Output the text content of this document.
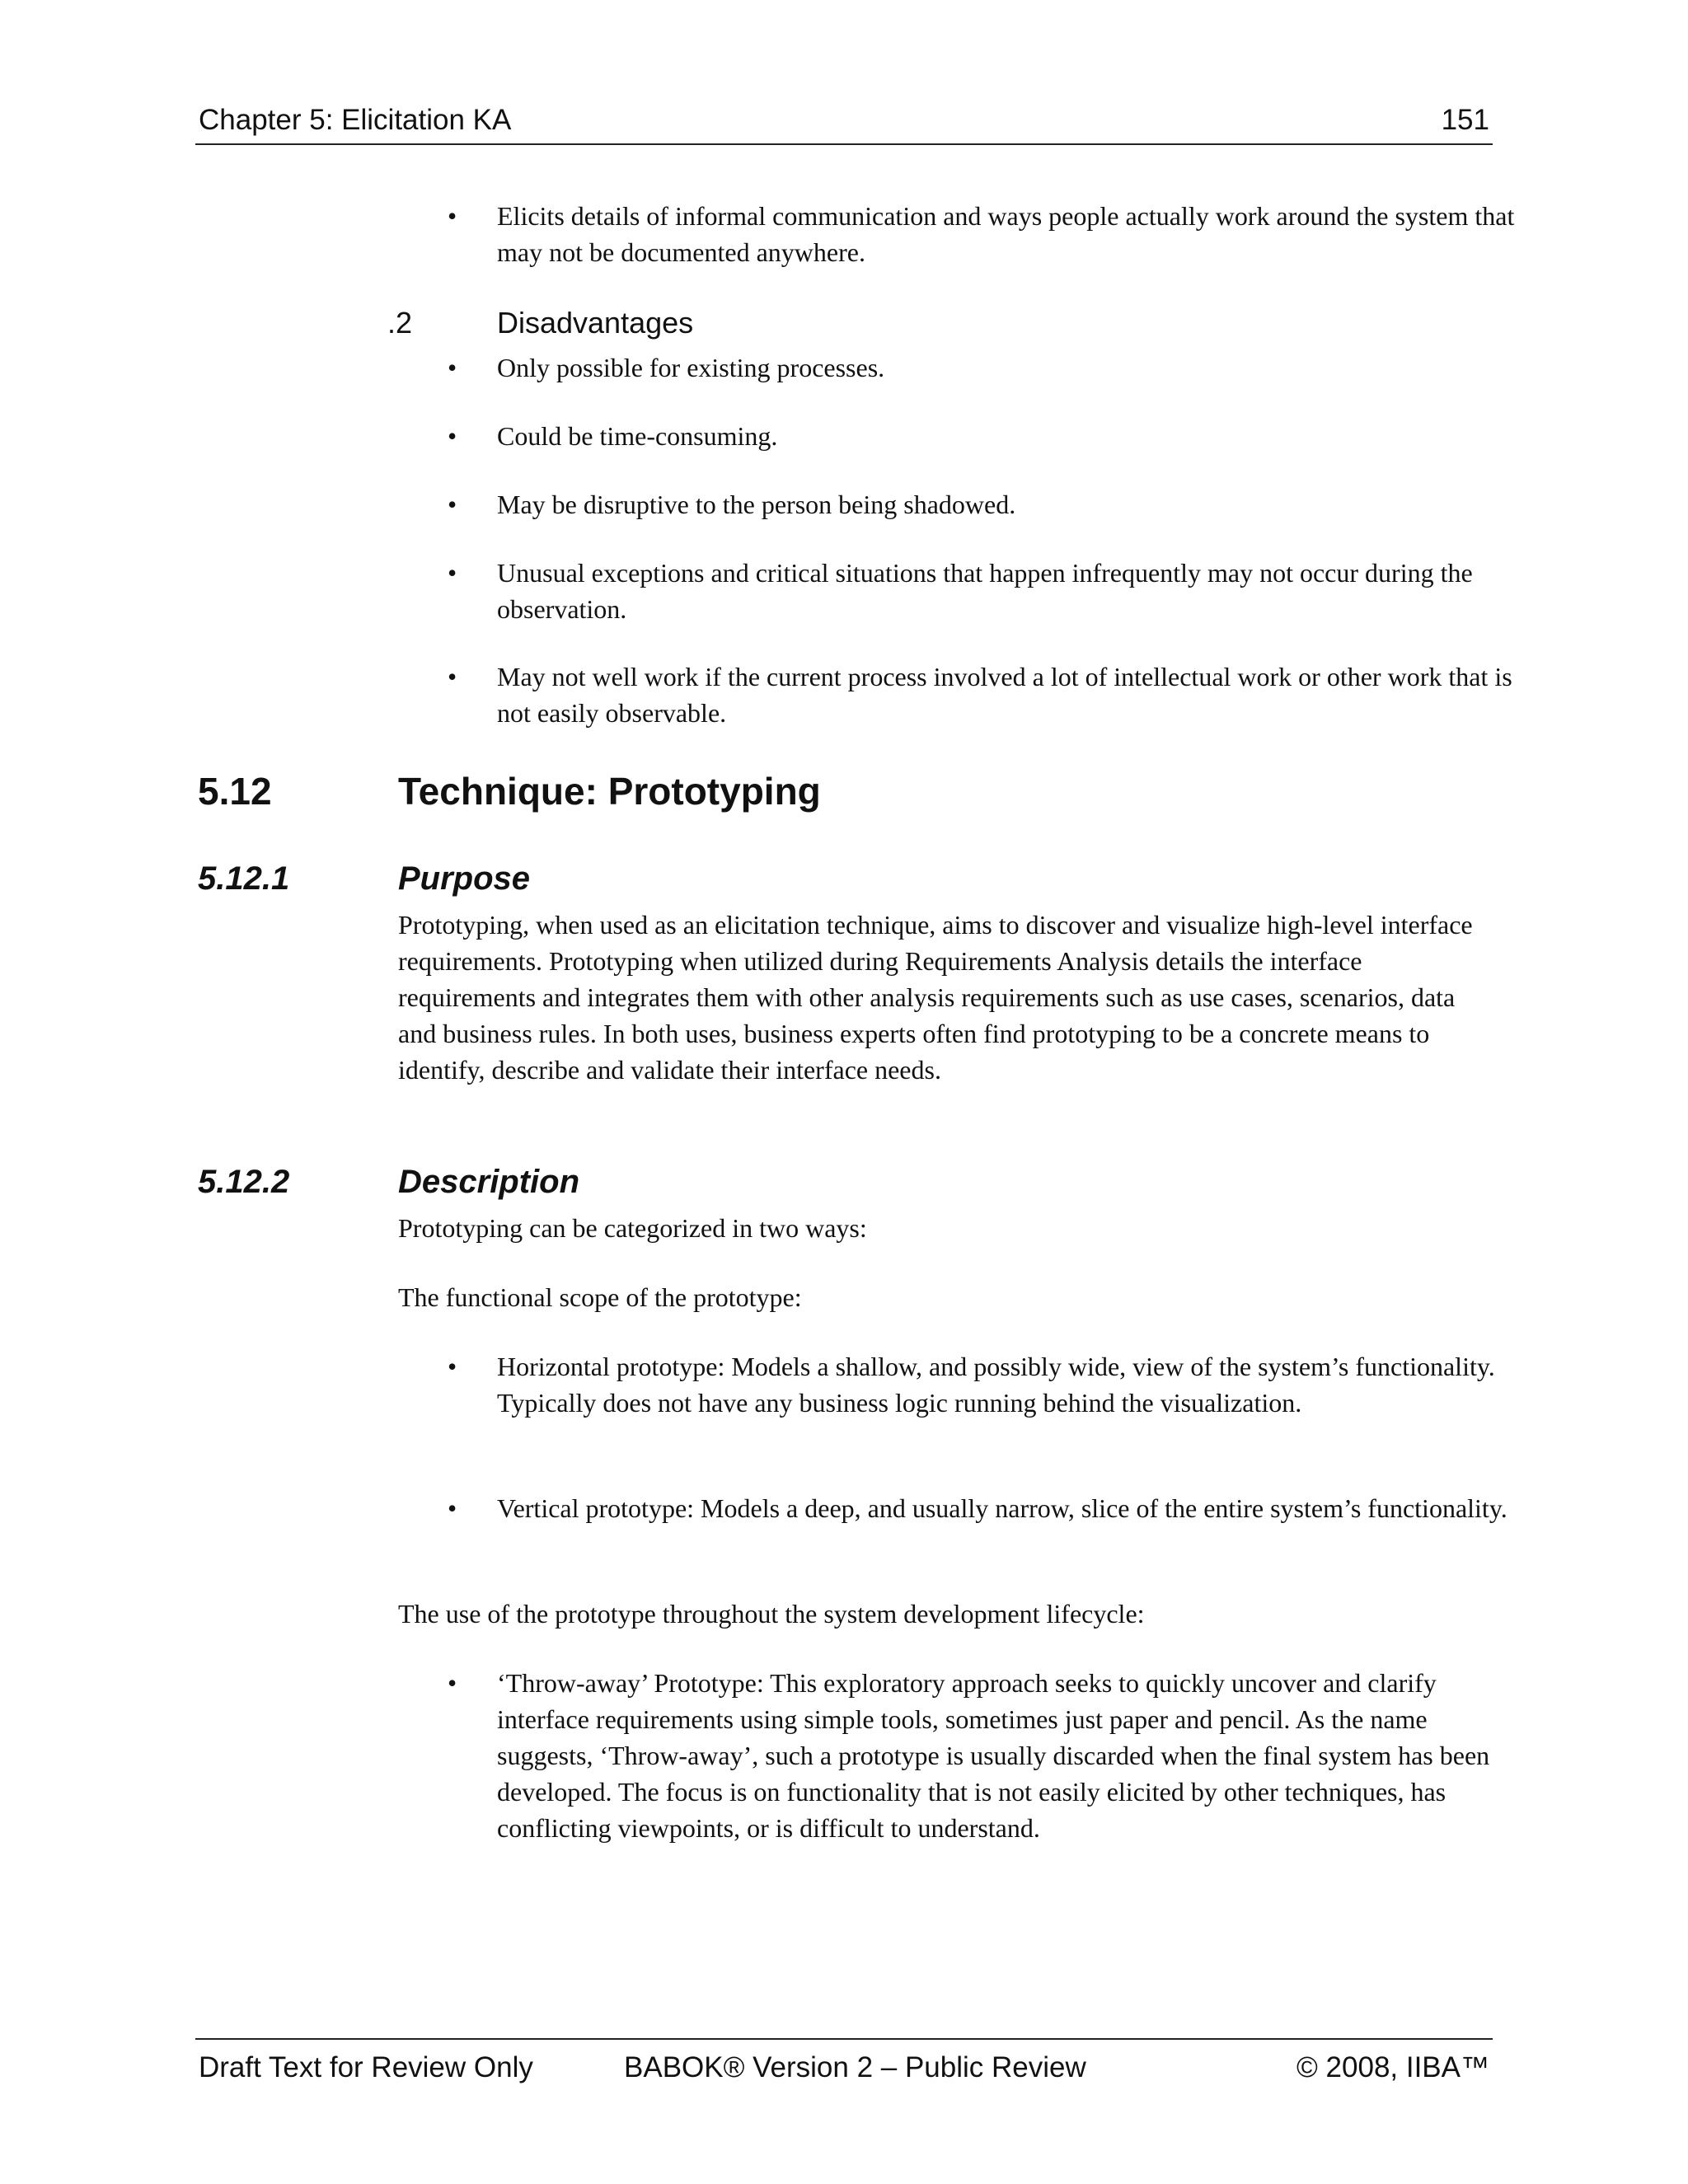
Chapter 5: Elicitation KA	151
• Elicits details of informal communication and ways people actually work around the system that may not be documented anywhere.
.2	Disadvantages
• Only possible for existing processes.
• Could be time-consuming.
• May be disruptive to the person being shadowed.
• Unusual exceptions and critical situations that happen infrequently may not occur during the observation.
• May not well work if the current process involved a lot of intellectual work or other work that is not easily observable.
5.12	Technique: Prototyping
5.12.1	Purpose
Prototyping, when used as an elicitation technique, aims to discover and visualize high-level interface requirements. Prototyping when utilized during Requirements Analysis details the interface requirements and integrates them with other analysis requirements such as use cases, scenarios, data and business rules. In both uses, business experts often find prototyping to be a concrete means to identify, describe and validate their interface needs.
5.12.2	Description
Prototyping can be categorized in two ways:
The functional scope of the prototype:
• Horizontal prototype: Models a shallow, and possibly wide, view of the system’s functionality. Typically does not have any business logic running behind the visualization.
• Vertical prototype: Models a deep, and usually narrow, slice of the entire system’s functionality.
The use of the prototype throughout the system development lifecycle:
• ‘Throw-away’ Prototype: This exploratory approach seeks to quickly uncover and clarify interface requirements using simple tools, sometimes just paper and pencil. As the name suggests, ‘Throw-away’, such a prototype is usually discarded when the final system has been developed. The focus is on functionality that is not easily elicited by other techniques, has conflicting viewpoints, or is difficult to understand.
Draft Text for Review Only	BABOK® Version 2 – Public Review	© 2008, IIBA™
